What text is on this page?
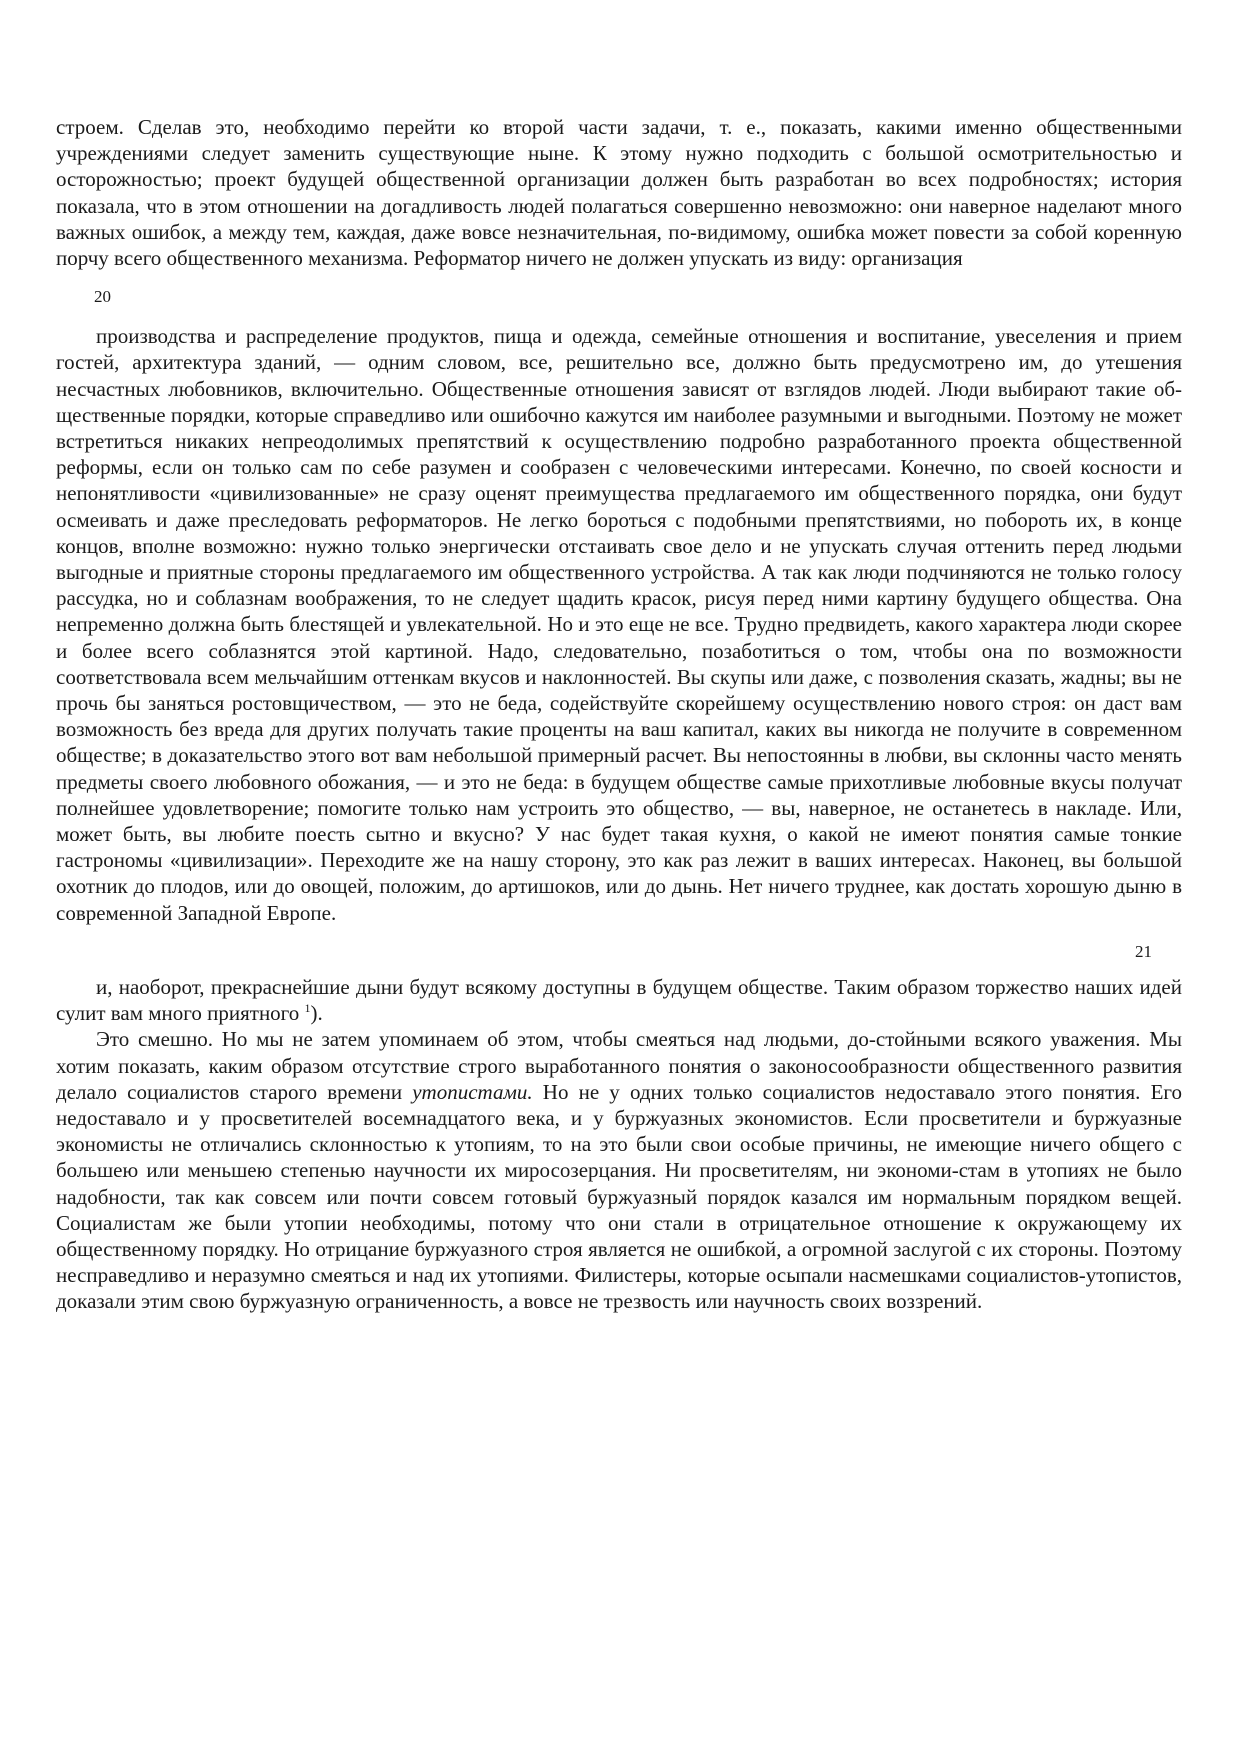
строем. Сделав это, необходимо перейти ко второй части задачи, т. е., показать, какими именно общественными учреждениями следует заменить существующие ныне. К этому нужно подходить с большой осмотрительностью и осторожностью; проект будущей общественной организации должен быть разработан во всех подробностях; история показала, что в этом отношении на догадливость людей полагаться совершенно невозможно: они наверное наделают много важных ошибок, а между тем, каждая, даже вовсе незначительная, по-видимому, ошибка может повести за собой коренную порчу всего общественного механизма. Реформатор ничего не должен упускать из виду: организация

20

производства и распределение продуктов, пища и одежда, семейные отношения и воспитание, увеселения и прием гостей, архитектура зданий, — одним словом, все, решительно все, должно быть предусмотрено им, до утешения несчастных любовников, включительно. Общественные отношения зависят от взглядов людей. Люди выбирают такие об-щественные порядки, которые справедливо или ошибочно кажутся им наиболее разумными и выгодными. Поэтому не может встретиться никаких непреодолимых препятствий к осуществлению подробно разработанного проекта общественной реформы, если он только сам по себе разумен и сообразен с человеческими интересами. Конечно, по своей косности и непонятливости «цивилизованные» не сразу оценят преимущества предлагаемого им общественного порядка, они будут осмеивать и даже преследовать реформаторов. Не легко бороться с подобными препятствиями, но побороть их, в конце концов, вполне возможно: нужно только энергически отстаивать свое дело и не упускать случая оттенить перед людьми выгодные и приятные стороны предлагаемого им общественного устройства. А так как люди подчиняются не только голосу рассудка, но и соблазнам воображения, то не следует щадить красок, рисуя перед ними картину будущего общества. Она непременно должна быть блестящей и увлекательной. Но и это еще не все. Трудно предвидеть, какого характера люди скорее и более всего соблазнятся этой картиной. Надо, следовательно, позаботиться о том, чтобы она по возможности соответствовала всем мельчайшим оттенкам вкусов и наклонностей. Вы скупы или даже, с позволения сказать, жадны; вы не прочь бы заняться ростовщичеством, — это не беда, содействуйте скорейшему осуществлению нового строя: он даст вам возможность без вреда для других получать такие проценты на ваш капитал, каких вы никогда не получите в современном обществе; в доказательство этого вот вам небольшой примерный расчет. Вы непостоянны в любви, вы склонны часто менять предметы своего любовного обожания, — и это не беда: в будущем обществе самые прихотливые любовные вкусы получат полнейшее удовлетворение; помогите только нам устроить это общество, — вы, наверное, не останетесь в накладе. Или, может быть, вы любите поесть сытно и вкусно? У нас будет такая кухня, о какой не имеют понятия самые тонкие гастрономы «цивилизации». Переходите же на нашу сторону, это как раз лежит в ваших интересах. Наконец, вы большой охотник до плодов, или до овощей, положим, до артишоков, или до дынь. Нет ничего труднее, как достать хорошую дыню в современной Западной Европе.

21

и, наоборот, прекраснейшие дыни будут всякому доступны в будущем обществе. Таким образом торжество наших идей сулит вам много приятного $^1$).

Это смешно. Но мы не затем упоминаем об этом, чтобы смеяться над людьми, до-стойными всякого уважения. Мы хотим показать, каким образом отсутствие строго выработанного понятия о законосообразности общественного развития делало социалистов старого времени утопистами. Но не у одних только социалистов недоставало этого понятия. Его недоставало и у просветителей восемнадцатого века, и у буржуазных экономистов. Если просветители и буржуазные экономисты не отличались склонностью к утопиям, то на это были свои особые причины, не имеющие ничего общего с большею или меньшею степенью научности их миросозерцания. Ни просветителям, ни экономи-стам в утопиях не было надобности, так как совсем или почти совсем готовый буржуазный порядок казался им нормальным порядком вещей. Социалистам же были утопии необходимы, потому что они стали в отрицательное отношение к окружающему их общественному порядку. Но отрицание буржуазного строя является не ошибкой, а огромной заслугой с их стороны. Поэтому несправедливо и неразумно смеяться и над их утопиями. Филистеры, которые осыпали насмешками социалистов-утопистов, доказали этим свою буржуазную ограниченность, а вовсе не трезвость или научность своих воззрений.
